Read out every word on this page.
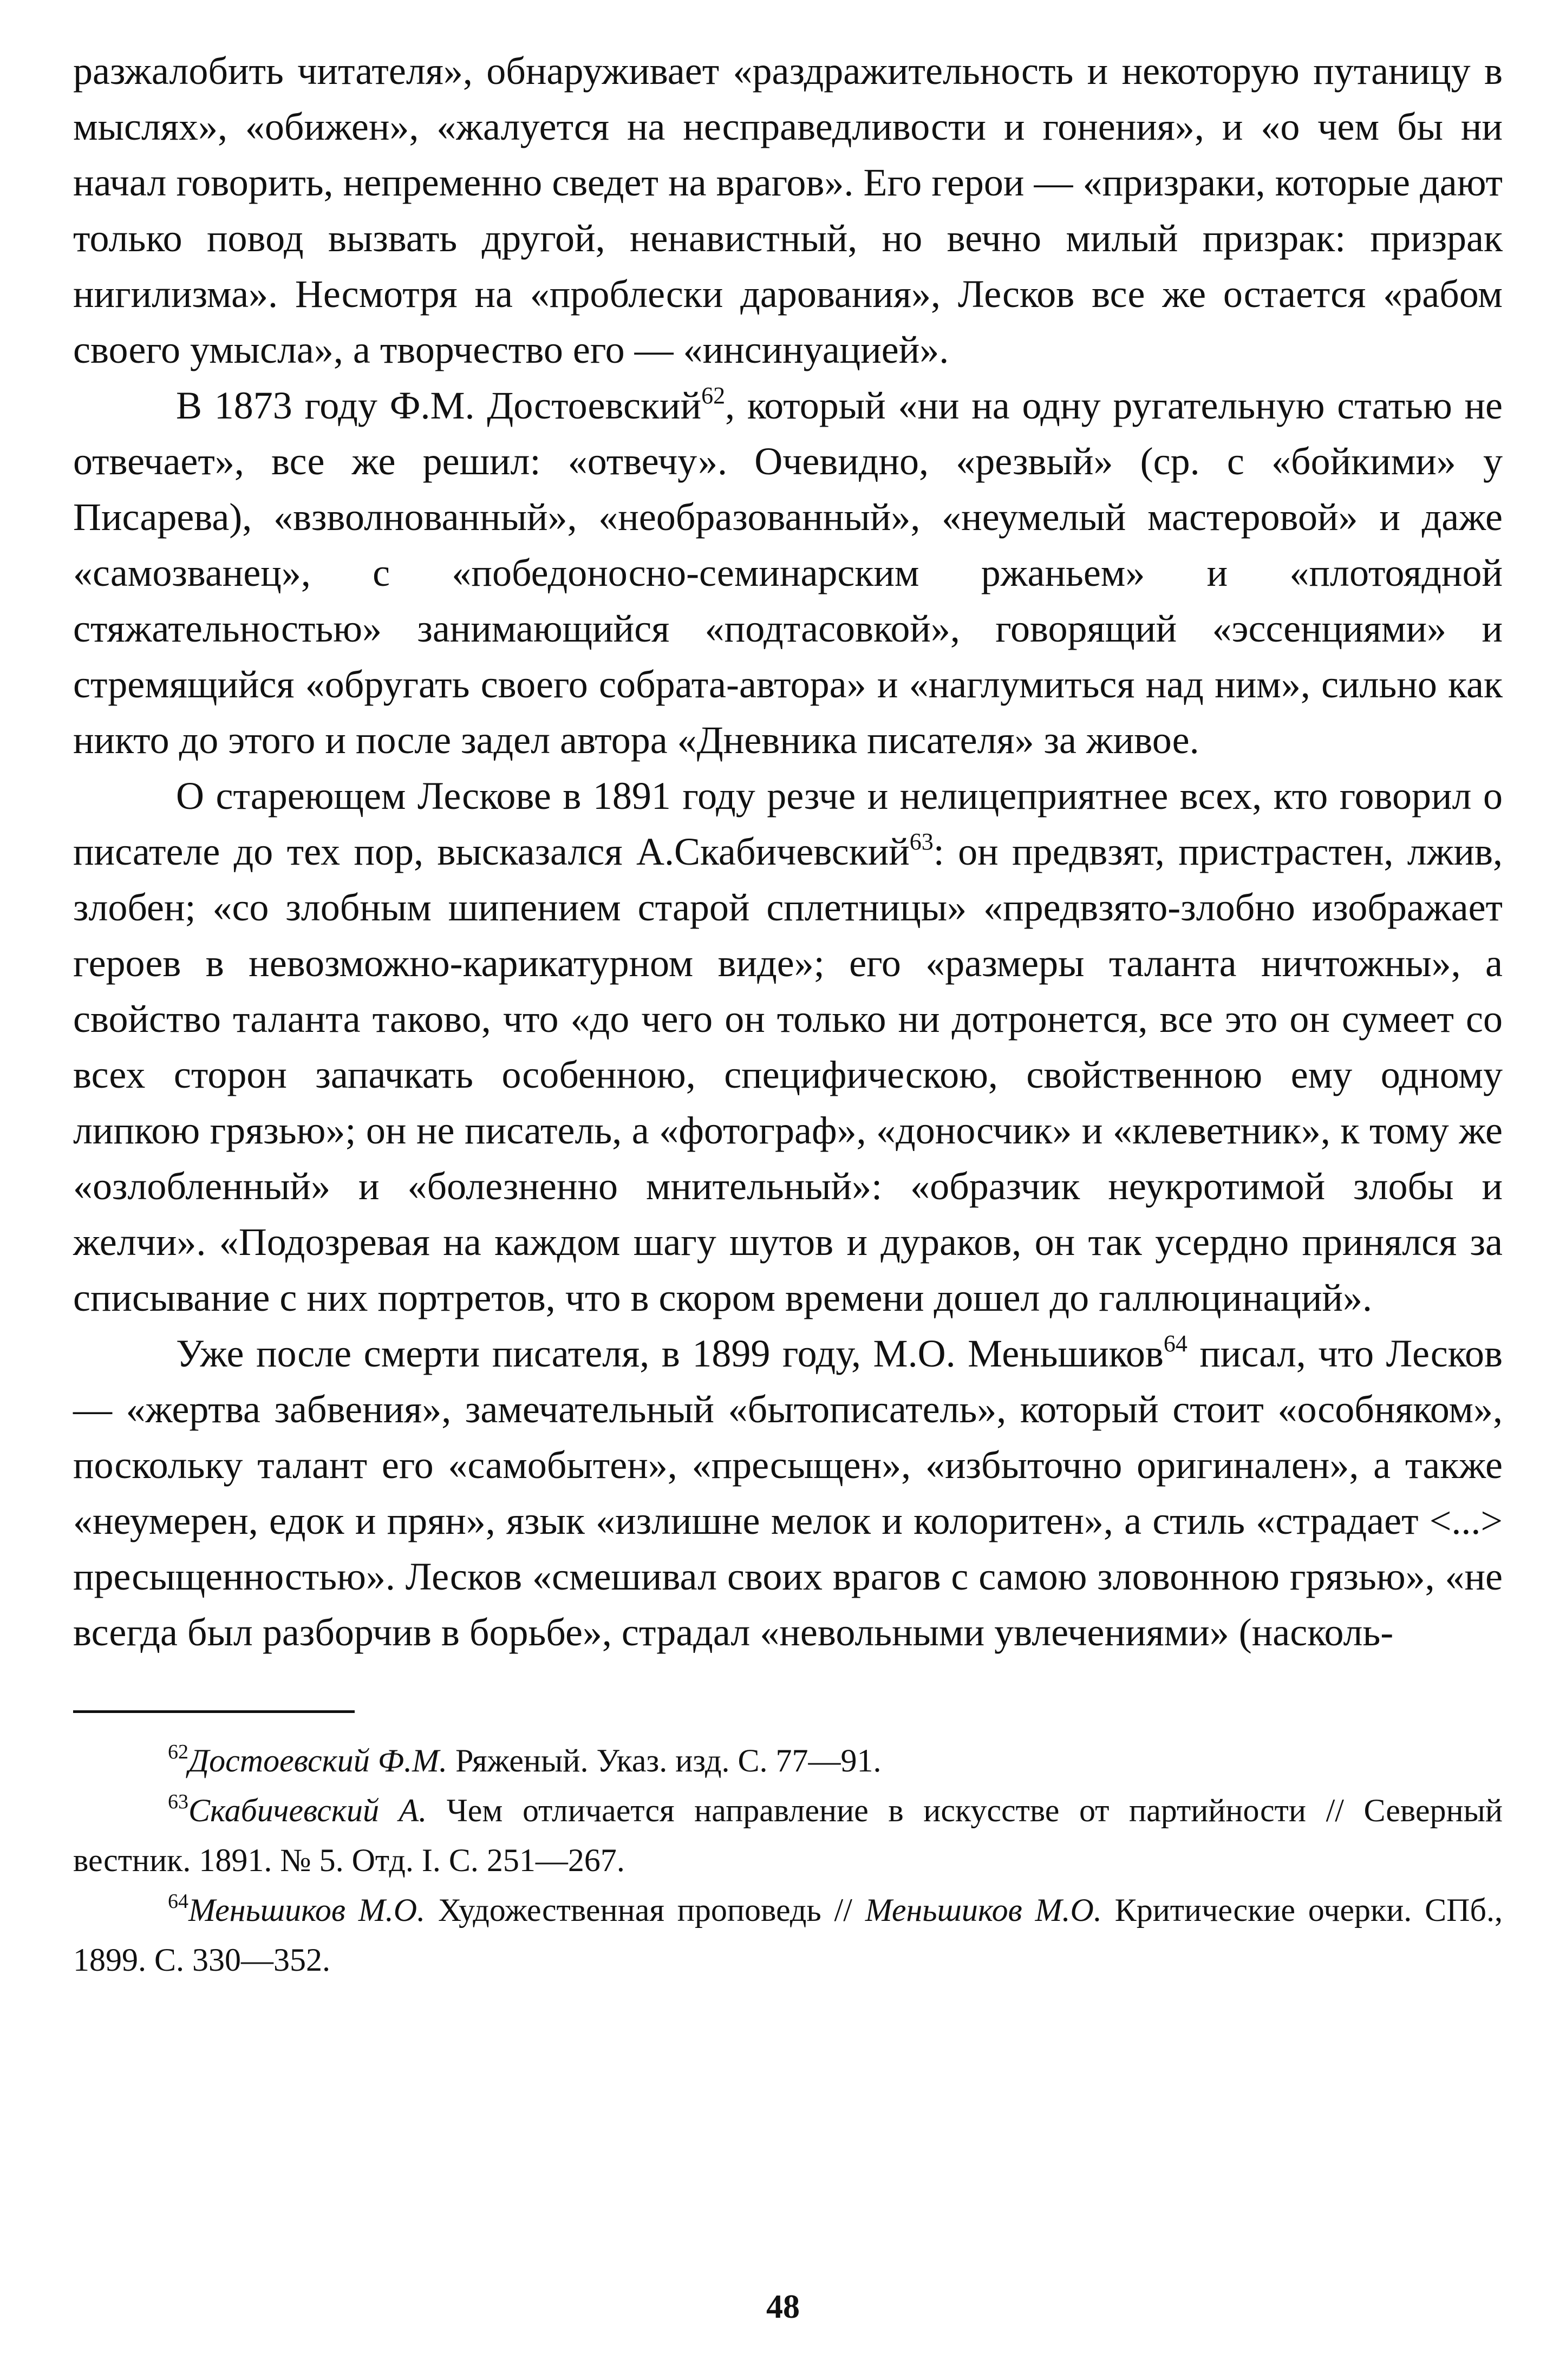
разжалобить читателя», обнаруживает «раздражительность и некоторую путаницу в мыслях», «обижен», «жалуется на несправедливости и гонения», и «о чем бы ни начал говорить, непременно сведет на врагов». Его герои — «призраки, которые дают только повод вызвать другой, ненавистный, но вечно милый призрак: призрак нигилизма». Несмотря на «проблески дарования», Лесков все же остается «рабом своего умысла», а творчество его — «инсинуацией».

В 1873 году Ф.М. Достоевский$^{62}$, который «ни на одну ругательную статью не отвечает», все же решил: «отвечу». Очевидно, «резвый» (ср. с «бойкими» у Писарева), «взволнованный», «необразованный», «неумелый мастеровой» и даже «самозванец», с «победоносно-семинарским ржаньем» и «плотоядной стяжательностью» занимающийся «подтасовкой», говорящий «эссенциями» и стремящийся «обругать своего собрата-автора» и «наглумиться над ним», сильно как никто до этого и после задел автора «Дневника писателя» за живое.

О стареющем Лескове в 1891 году резче и нелицеприятнее всех, кто говорил о писателе до тех пор, высказался А.Скабичевский$^{63}$: он предвзят, пристрастен, лжив, злобен; «со злобным шипением старой сплетницы» «предвзято-злобно изображает героев в невозможно-карикатурном виде»; его «размеры таланта ничтожны», а свойство таланта таково, что «до чего он только ни дотронется, все это он сумеет со всех сторон запачкать особенною, специфическою, свойственною ему одному липкою грязью»; он не писатель, а «фотограф», «доносчик» и «клеветник», к тому же «озлобленный» и «болезненно мнительный»: «образчик неукротимой злобы и желчи». «Подозревая на каждом шагу шутов и дураков, он так усердно принялся за списывание с них портретов, что в скором времени дошел до галлюцинаций».

Уже после смерти писателя, в 1899 году, М.О. Меньшиков$^{64}$ писал, что Лесков — «жертва забвения», замечательный «бытописатель», который стоит «особняком», поскольку талант его «самобытен», «пресыщен», «избыточно оригинален», а также «неумерен, едок и прян», язык «излишне мелок и колоритен», а стиль «страдает <...> пресыщенностью». Лесков «смешивал своих врагов с самою зловонною грязью», «не всегда был разборчив в борьбе», страдал «невольными увлечениями» (насколь-

$^{62}$Достоевский Ф.М. Ряженый. Указ. изд. С. 77—91.

$^{63}$Скабичевский А. Чем отличается направление в искусстве от партийности // Северный вестник. 1891. № 5. Отд. I. С. 251—267.

$^{64}$Меньшиков М.О. Художественная проповедь // Меньшиков М.О. Критические очерки. СПб., 1899. С. 330—352.

48
